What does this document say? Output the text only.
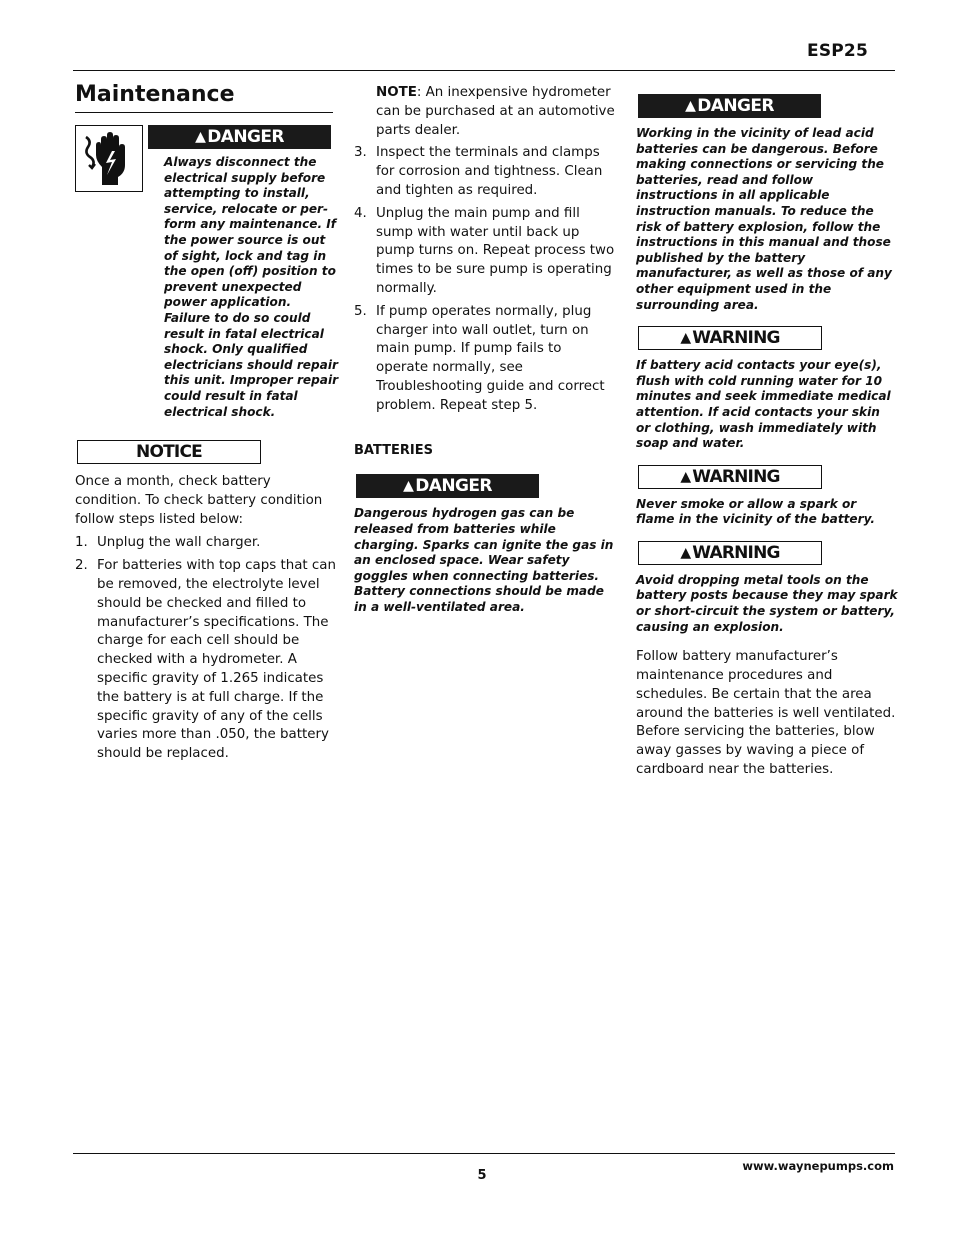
ESP25
Maintenance
▲ DANGER

Always disconnect the electrical supply before attempting to install, service, relocate or per-form any maintenance. If the power source is out of sight, lock and tag in the open (off) position to prevent unexpected power application. Failure to do so could result in fatal electrical shock. Only qualified electricians should repair this unit. Improper repair could result in fatal electrical shock.

NOTICE

Once a month, check battery condition. To check battery condition follow steps listed below:

1. Unplug the wall charger.
2. For batteries with top caps that can be removed, the electrolyte level should be checked and filled to manufacturer’s specifications. The charge for each cell should be checked with a hydrometer. A specific gravity of 1.265 indicates the battery is at full charge. If the specific gravity of any of the cells varies more than .050, the battery should be replaced.

NOTE: An inexpensive hydrometer can be purchased at an automotive parts dealer.

3. Inspect the terminals and clamps for corrosion and tightness. Clean and tighten as required.
4. Unplug the main pump and fill sump with water until back up pump turns on. Repeat process two times to be sure pump is operating normally.
5. If pump operates normally, plug charger into wall outlet, turn on main pump. If pump fails to operate normally, see Troubleshooting guide and correct problem. Repeat step 5.

BATTERIES

▲ DANGER

Dangerous hydrogen gas can be released from batteries while charging. Sparks can ignite the gas in an enclosed space. Wear safety goggles when connecting batteries. Battery connections should be made in a well-ventilated area.

▲ DANGER

Working in the vicinity of lead acid batteries can be dangerous. Before making connections or servicing the batteries, read and follow instructions in all applicable instruction manuals. To reduce the risk of battery explosion, follow the instructions in this manual and those published by the battery manufacturer, as well as those of any other equipment used in the surrounding area.

▲ WARNING

If battery acid contacts your eye(s), flush with cold running water for 10 minutes and seek immediate medical attention. If acid contacts your skin or clothing, wash immediately with soap and water.

▲ WARNING

Never smoke or allow a spark or flame in the vicinity of the battery.

▲ WARNING

Avoid dropping metal tools on the battery posts because they may spark or short-circuit the system or battery, causing an explosion.

Follow battery manufacturer’s maintenance procedures and schedules. Be certain that the area around the batteries is well ventilated. Before servicing the batteries, blow away gasses by waving a piece of cardboard near the batteries.

5
www.waynepumps.com
